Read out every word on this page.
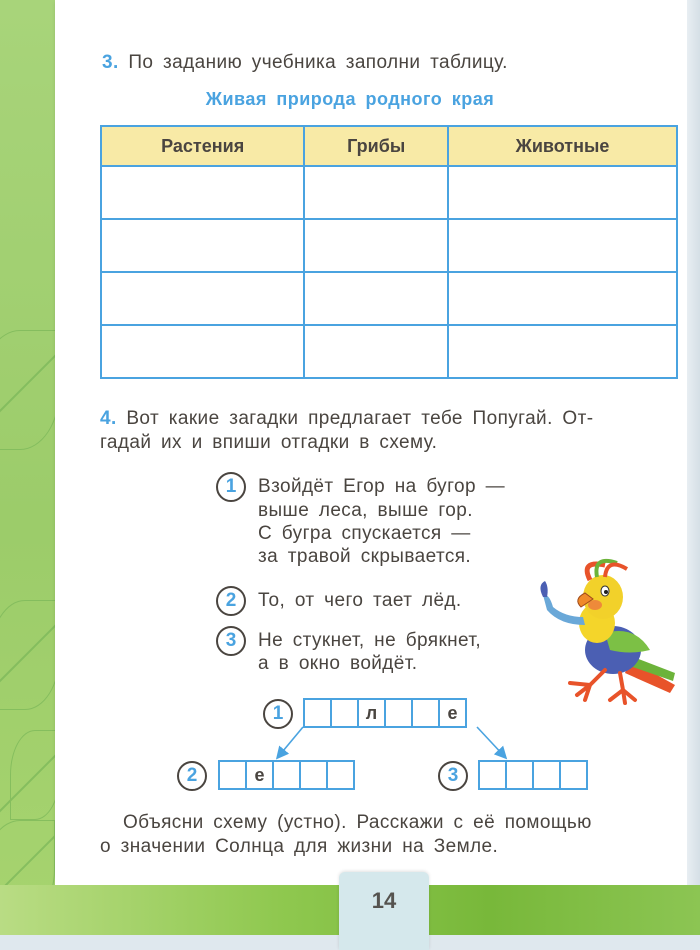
14
3. По заданию учебника заполни таблицу.
Живая природа родного края
Растения	Грибы	Животные

4. Вот какие загадки предлагает тебе Попугай. От-
гадай их и впиши отгадки в схему.
1	Взойдёт Егор на бугор —
выше леса, выше гор.
С бугра спускается —
за травой скрывается.
2	То, от чего тает лёд.
3	Не стукнет, не брякнет,
а в окно войдёт.
1	л	е
2	е	3
Объясни схему (устно). Расскажи с её помощью
о значении Солнца для жизни на Земле.
